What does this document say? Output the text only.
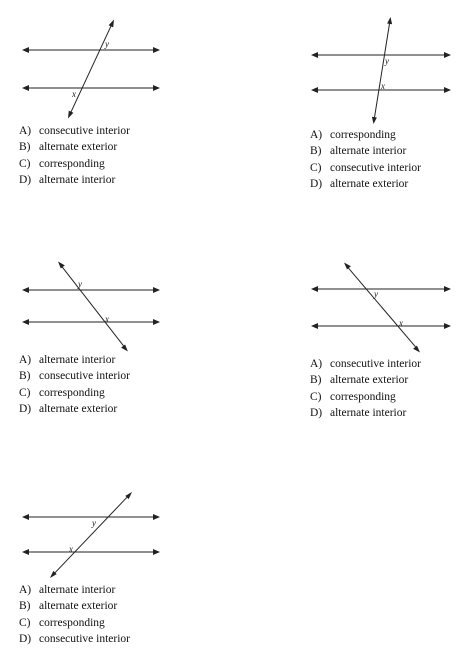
y
x
A) consecutive interior
B) alternate exterior
C) corresponding
D) alternate interior
y
x
A) corresponding
B) alternate interior
C) consecutive interior
D) alternate exterior
y
x
A) alternate interior
B) consecutive interior
C) corresponding
D) alternate exterior
y
x
A) consecutive interior
B) alternate exterior
C) corresponding
D) alternate interior
y
x
A) alternate interior
B) alternate exterior
C) corresponding
D) consecutive interior
